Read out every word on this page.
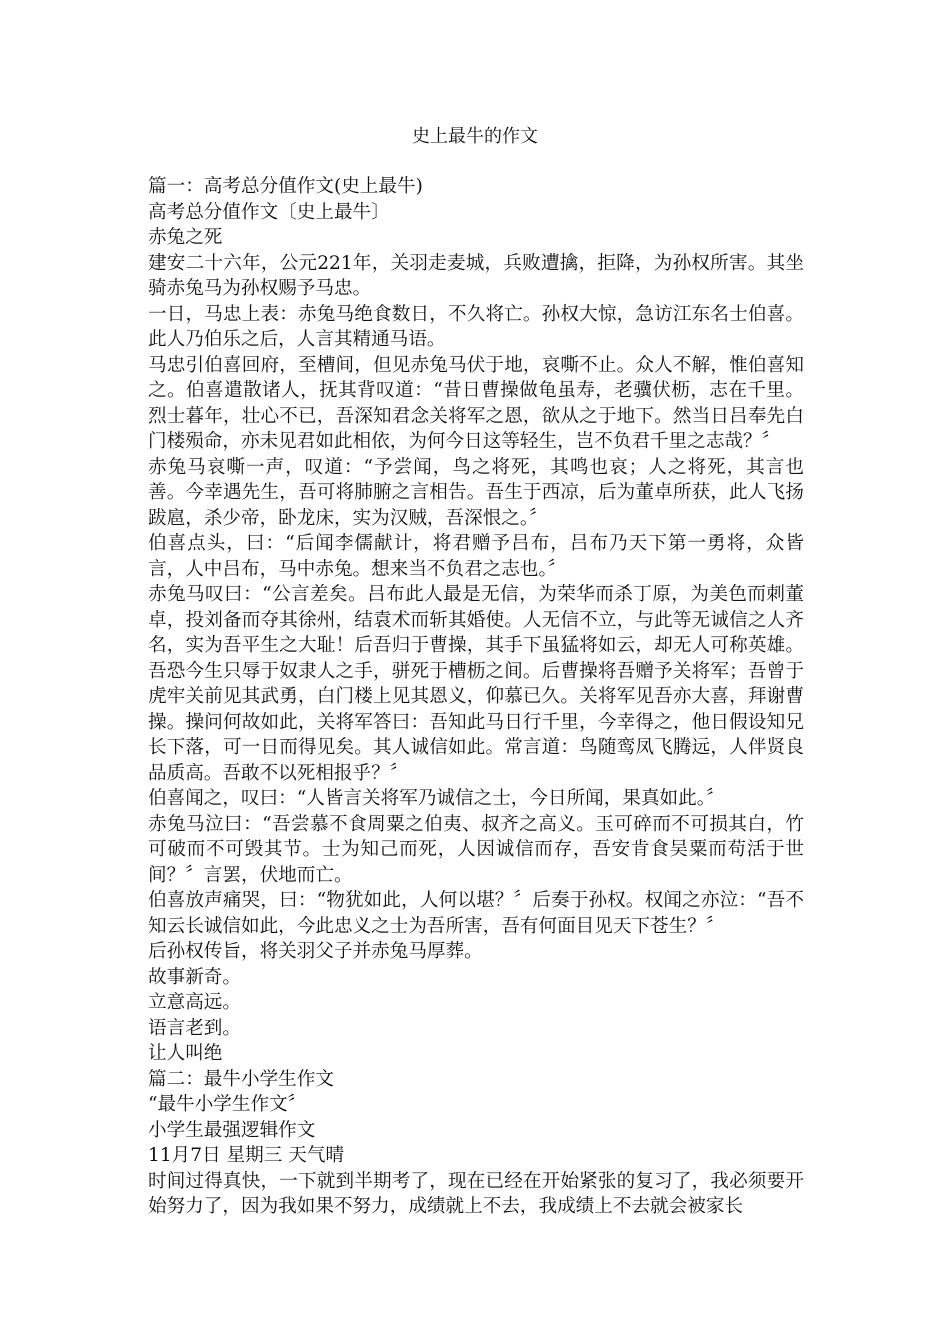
史上最牛的作文

篇一：高考总分值作文(史上最牛)

高考总分值作文〔史上最牛〕

赤兔之死

建安二十六年，公元221年，关羽走麦城，兵败遭擒，拒降，为孙权所害。其坐骑赤兔马为孙权赐予马忠。

一日，马忠上表：赤兔马绝食数日，不久将亡。孙权大惊，急访江东名士伯喜。此人乃伯乐之后，人言其精通马语。

马忠引伯喜回府，至槽间，但见赤兔马伏于地，哀嘶不止。众人不解，惟伯喜知之。伯喜遣散诸人，抚其背叹道：“昔日曹操做龟虽寿，老骥伏枥，志在千里。烈士暮年，壮心不已，吾深知君念关将军之恩，欲从之于地下。然当日吕奉先白门楼殒命，亦未见君如此相依，为何今日这等轻生，岂不负君千里之志哉？〞

赤兔马哀嘶一声，叹道：“予尝闻，鸟之将死，其鸣也哀；人之将死，其言也善。今幸遇先生，吾可将肺腑之言相告。吾生于西凉，后为董卓所获，此人飞扬跋扈，杀少帝，卧龙床，实为汉贼，吾深恨之。〞

伯喜点头，曰：“后闻李儒献计，将君赠予吕布，吕布乃天下第一勇将，众皆言，人中吕布，马中赤兔。想来当不负君之志也。〞

赤兔马叹曰：“公言差矣。吕布此人最是无信，为荣华而杀丁原，为美色而刺董卓，投刘备而夺其徐州，结袁术而斩其婚使。人无信不立，与此等无诚信之人齐名，实为吾平生之大耻！后吾归于曹操，其手下虽猛将如云，却无人可称英雄。吾恐今生只辱于奴隶人之手，骈死于槽枥之间。后曹操将吾赠予关将军；吾曾于虎牢关前见其武勇，白门楼上见其恩义，仰慕已久。关将军见吾亦大喜，拜谢曹操。操问何故如此，关将军答曰：吾知此马日行千里，今幸得之，他日假设知兄长下落，可一日而得见矣。其人诚信如此。常言道：鸟随鸾凤飞腾远，人伴贤良品质高。吾敢不以死相报乎？〞

伯喜闻之，叹曰：“人皆言关将军乃诚信之士，今日所闻，果真如此。〞

赤兔马泣曰：“吾尝慕不食周粟之伯夷、叔齐之高义。玉可碎而不可损其白，竹可破而不可毁其节。士为知己而死，人因诚信而存，吾安肯食吴粟而苟活于世间？〞言罢，伏地而亡。

伯喜放声痛哭，曰：“物犹如此，人何以堪？〞后奏于孙权。权闻之亦泣：“吾不知云长诚信如此，今此忠义之士为吾所害，吾有何面目见天下苍生？〞

后孙权传旨，将关羽父子并赤兔马厚葬。

故事新奇。

立意高远。

语言老到。

让人叫绝

篇二：最牛小学生作文

“最牛小学生作文〞

小学生最强逻辑作文

11月7日 星期三 天气晴

时间过得真快，一下就到半期考了，现在已经在开始紧张的复习了，我必须要开始努力了，因为我如果不努力，成绩就上不去，我成绩上不去就会被家长
